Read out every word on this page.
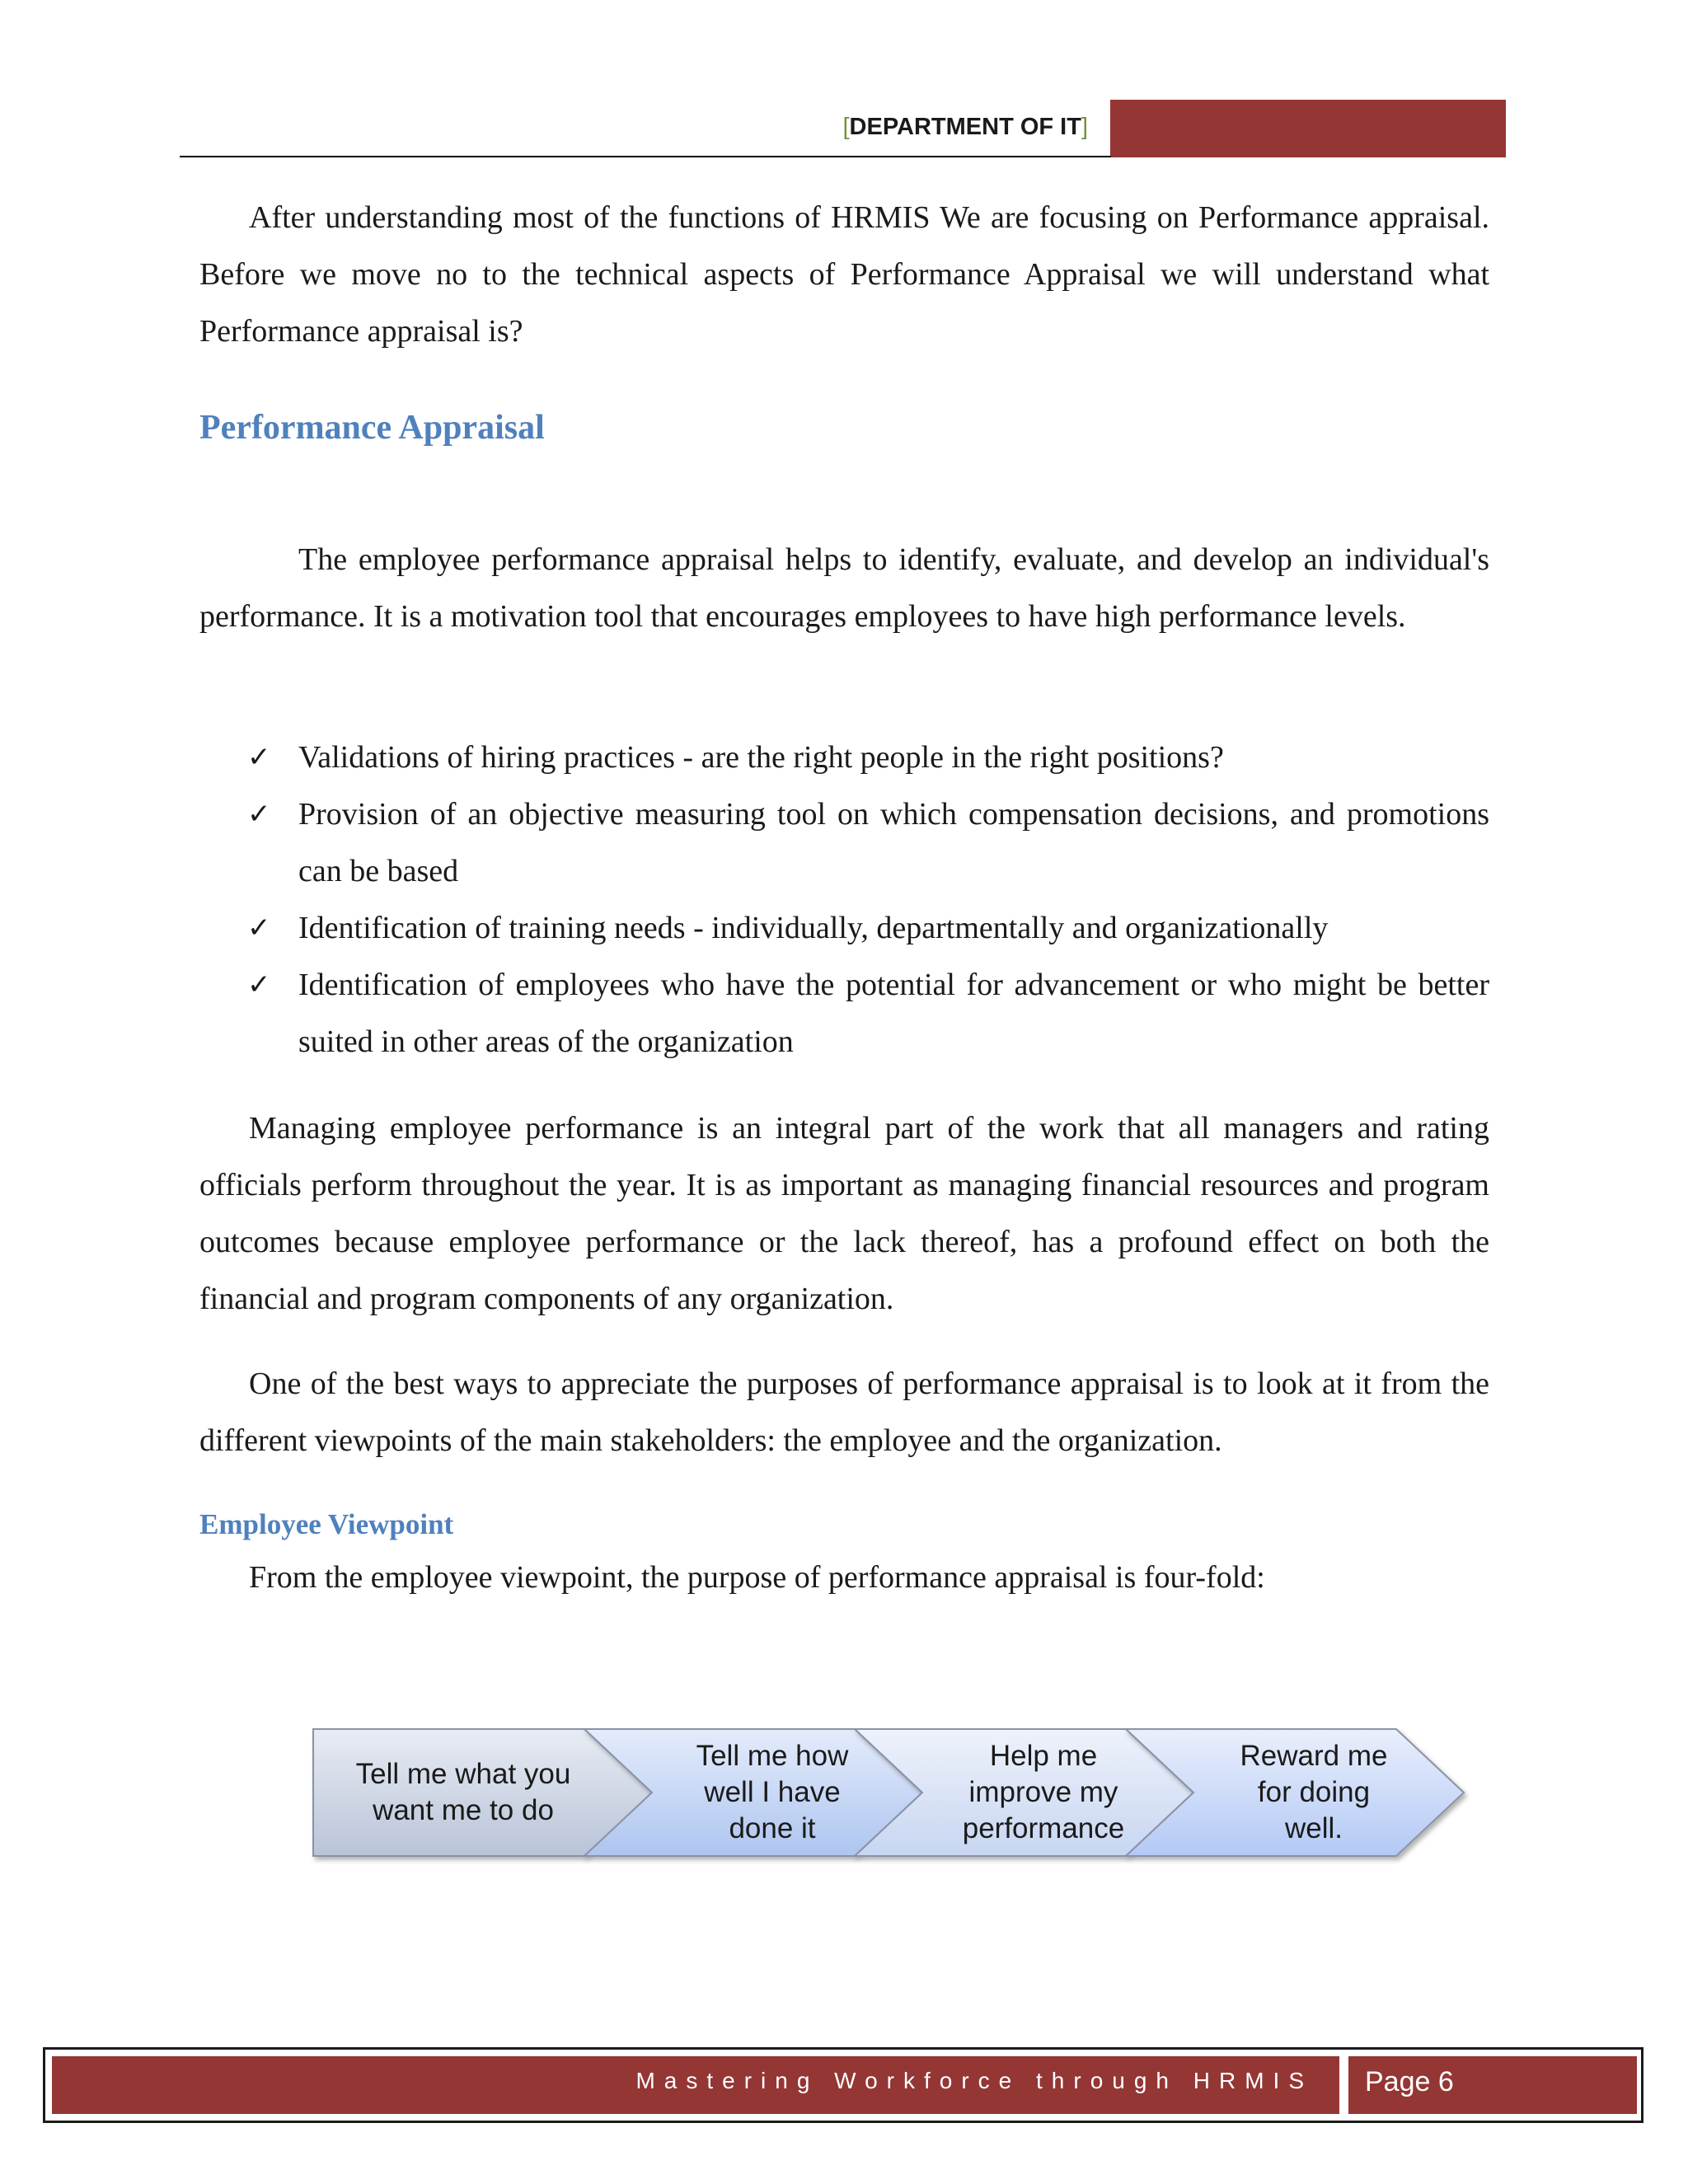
[DEPARTMENT OF IT]

After understanding most of the functions of HRMIS We are focusing on Performance appraisal. Before we move no to the technical aspects of Performance Appraisal we will understand what Performance appraisal is?

Performance Appraisal

The employee performance appraisal helps to identify, evaluate, and develop an individual's performance. It is a motivation tool that encourages employees to have high performance levels.

✓ Validations of hiring practices - are the right people in the right positions?
✓ Provision of an objective measuring tool on which compensation decisions, and promotions can be based
✓ Identification of training needs - individually, departmentally and organizationally
✓ Identification of employees who have the potential for advancement or who might be better suited in other areas of the organization

Managing employee performance is an integral part of the work that all managers and rating officials perform throughout the year. It is as important as managing financial resources and program outcomes because employee performance or the lack thereof, has a profound effect on both the financial and program components of any organization.

One of the best ways to appreciate the purposes of performance appraisal is to look at it from the different viewpoints of the main stakeholders: the employee and the organization.

Employee Viewpoint

From the employee viewpoint, the purpose of performance appraisal is four-fold:

Tell me what you
want me to do
Tell me how
well I have
done it
Help me
improve my
performance
Reward me
for doing
well.
Mastering Workforce through HRMIS Page 6
